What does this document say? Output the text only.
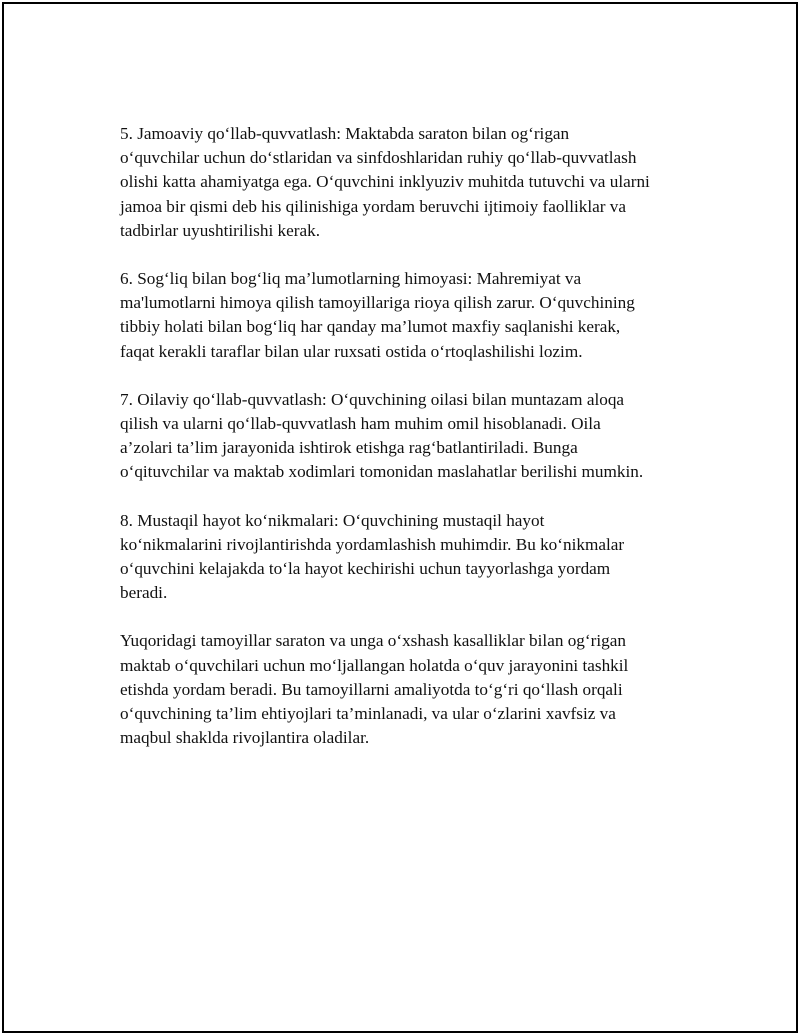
5. Jamoaviy qo‘llab-quvvatlash: Maktabda saraton bilan og‘rigan
o‘quvchilar uchun do‘stlaridan va sinfdoshlaridan ruhiy qo‘llab-quvvatlash
olishi katta ahamiyatga ega. O‘quvchini inklyuziv muhitda tutuvchi va ularni
jamoa bir qismi deb his qilinishiga yordam beruvchi ijtimoiy faolliklar va
tadbirlar uyushtirilishi kerak.

6. Sog‘liq bilan bog‘liq ma’lumotlarning himoyasi: Mahremiyat va
ma'lumotlarni himoya qilish tamoyillariga rioya qilish zarur. O‘quvchining
tibbiy holati bilan bog‘liq har qanday ma’lumot maxfiy saqlanishi kerak,
faqat kerakli taraflar bilan ular ruxsati ostida o‘rtoqlashilishi lozim.

7. Oilaviy qo‘llab-quvvatlash: O‘quvchining oilasi bilan muntazam aloqa
qilish va ularni qo‘llab-quvvatlash ham muhim omil hisoblanadi. Oila
a’zolari ta’lim jarayonida ishtirok etishga rag‘batlantiriladi. Bunga
o‘qituvchilar va maktab xodimlari tomonidan maslahatlar berilishi mumkin.

8. Mustaqil hayot ko‘nikmalari: O‘quvchining mustaqil hayot
ko‘nikmalarini rivojlantirishda yordamlashish muhimdir. Bu ko‘nikmalar
o‘quvchini kelajakda to‘la hayot kechirishi uchun tayyorlashga yordam
beradi.

Yuqoridagi tamoyillar saraton va unga o‘xshash kasalliklar bilan og‘rigan
maktab o‘quvchilari uchun mo‘ljallangan holatda o‘quv jarayonini tashkil
etishda yordam beradi. Bu tamoyillarni amaliyotda to‘g‘ri qo‘llash orqali
o‘quvchining ta’lim ehtiyojlari ta’minlanadi, va ular o‘zlarini xavfsiz va
maqbul shaklda rivojlantira oladilar.
